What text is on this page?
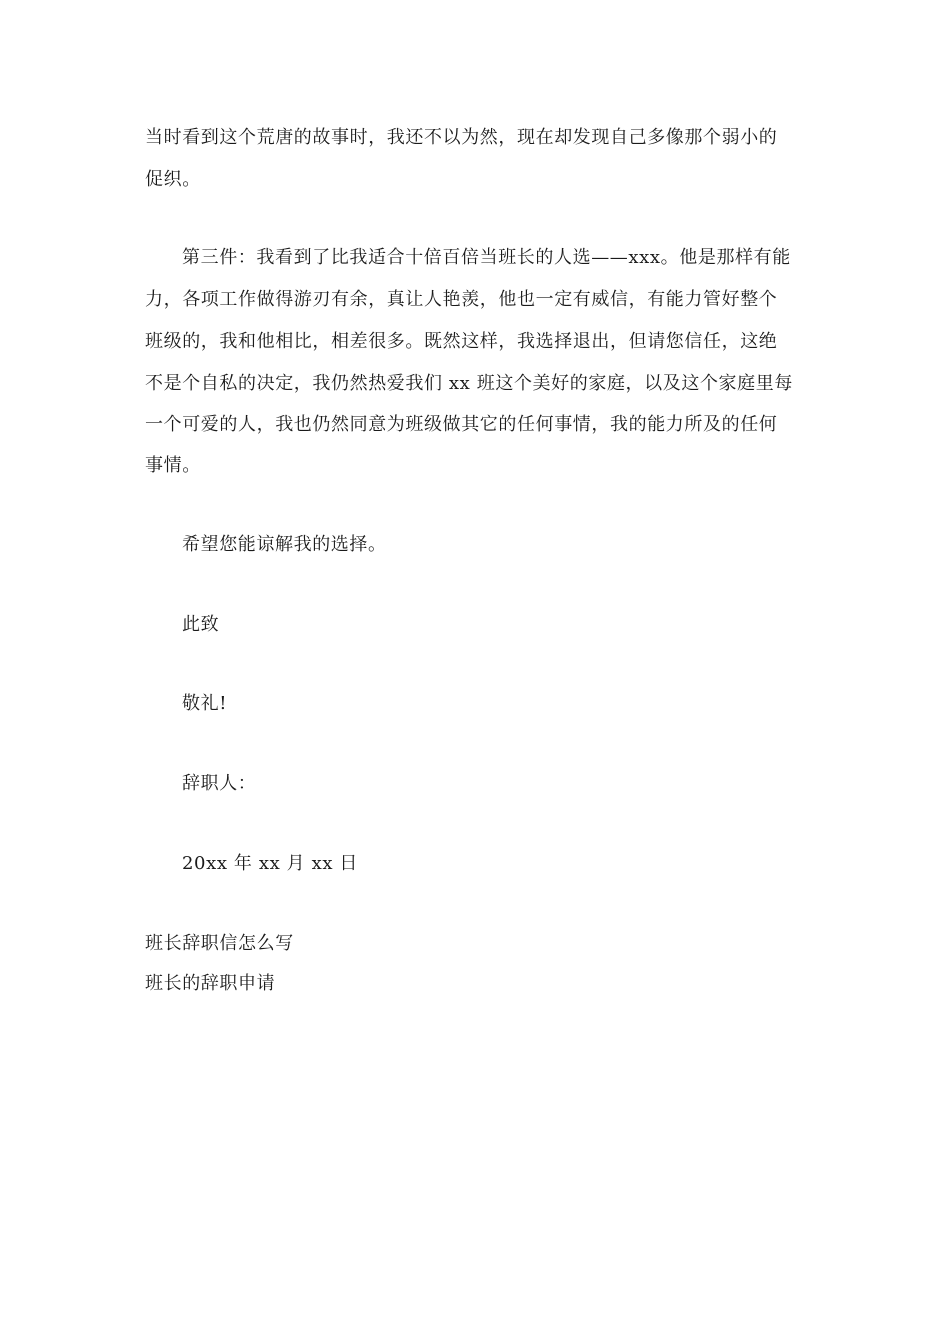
当时看到这个荒唐的故事时，我还不以为然，现在却发现自己多像那个弱小的
促织。
第三件：我看到了比我适合十倍百倍当班长的人选——xxx。他是那样有能
力，各项工作做得游刃有余，真让人艳羡，他也一定有威信，有能力管好整个
班级的，我和他相比，相差很多。既然这样，我选择退出，但请您信任，这绝
不是个自私的决定，我仍然热爱我们 xx 班这个美好的家庭，以及这个家庭里每
一个可爱的人，我也仍然同意为班级做其它的任何事情，我的能力所及的任何
事情。
希望您能谅解我的选择。
此致
敬礼!
辞职人：
20xx 年 xx 月 xx 日
班长辞职信怎么写
班长的辞职申请
